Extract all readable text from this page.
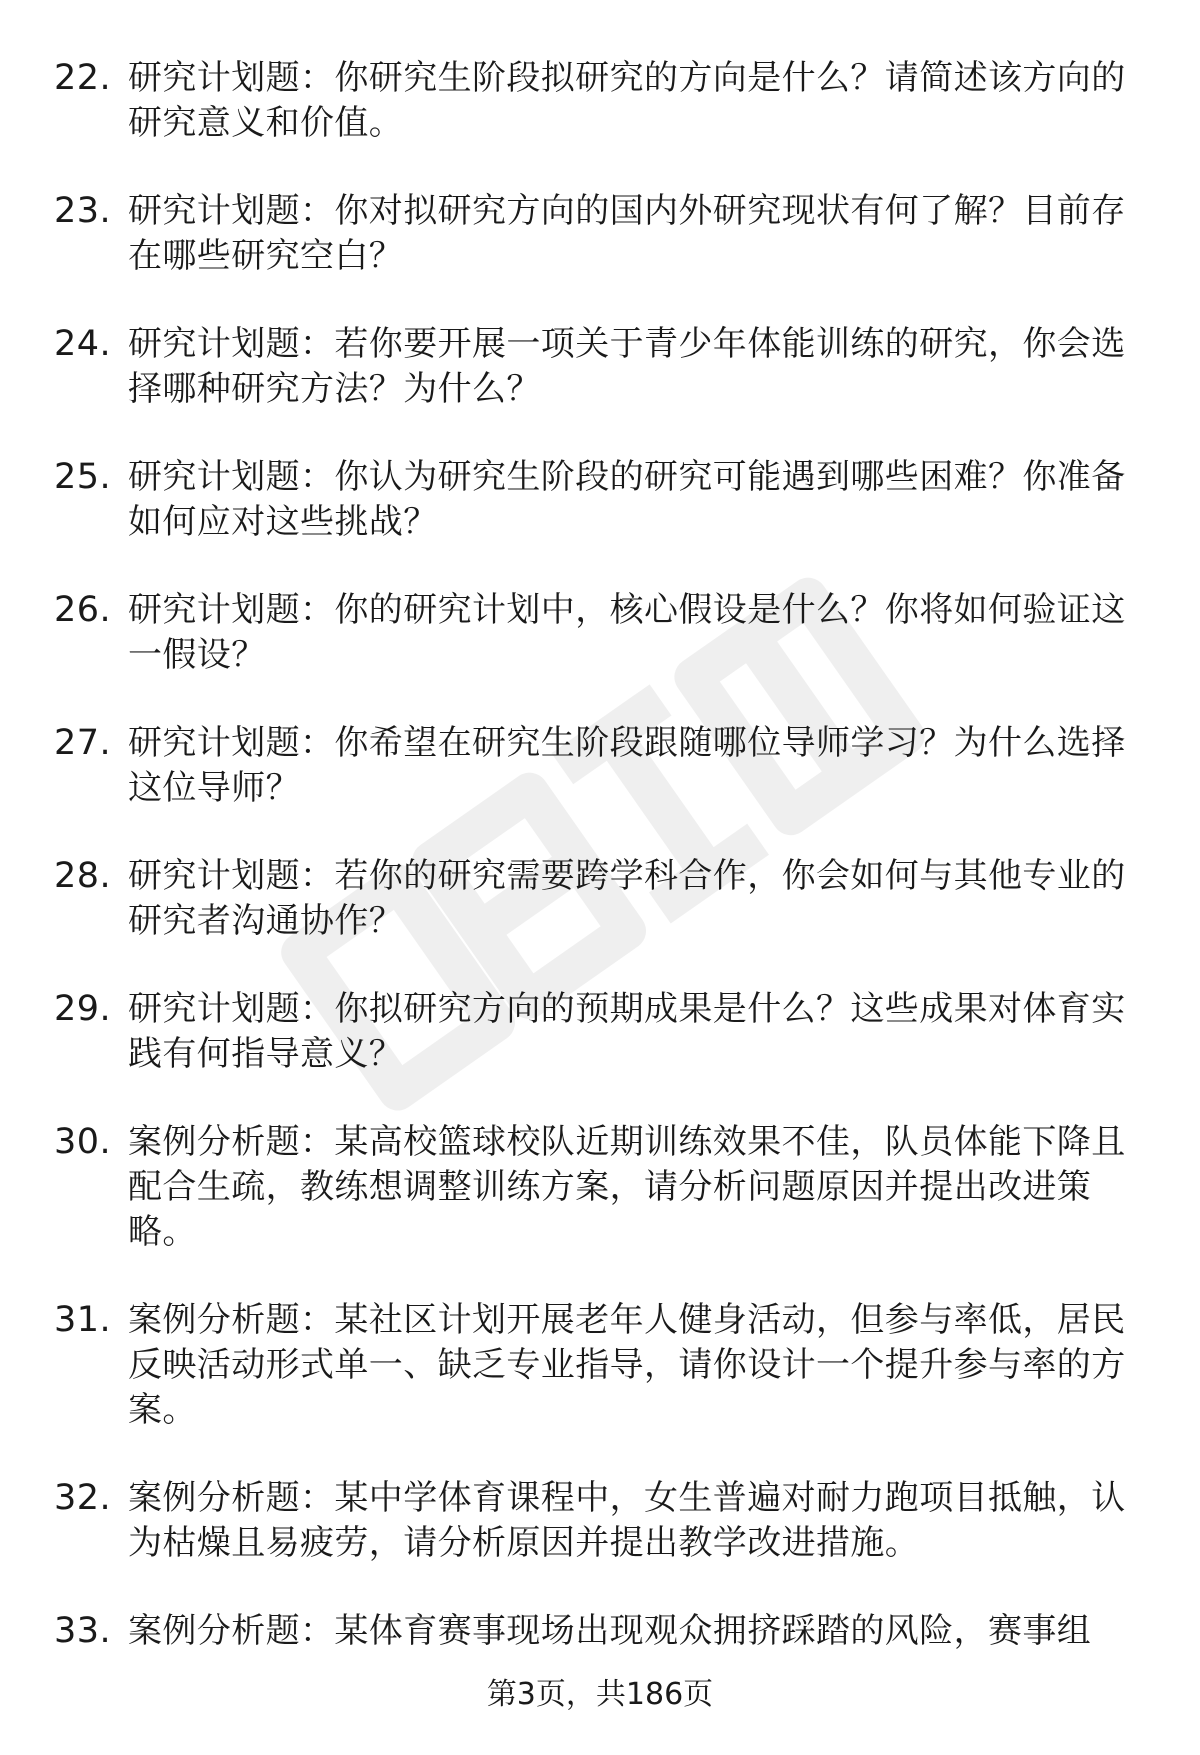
22. 研究计划题：你研究生阶段拟研究的方向是什么？请简述该方向的研究意义和价值。
23. 研究计划题：你对拟研究方向的国内外研究现状有何了解？目前存在哪些研究空白？
24. 研究计划题：若你要开展一项关于青少年体能训练的研究，你会选择哪种研究方法？为什么？
25. 研究计划题：你认为研究生阶段的研究可能遇到哪些困难？你准备如何应对这些挑战？
26. 研究计划题：你的研究计划中，核心假设是什么？你将如何验证这一假设？
27. 研究计划题：你希望在研究生阶段跟随哪位导师学习？为什么选择这位导师？
28. 研究计划题：若你的研究需要跨学科合作，你会如何与其他专业的研究者沟通协作？
29. 研究计划题：你拟研究方向的预期成果是什么？这些成果对体育实践有何指导意义？
30. 案例分析题：某高校篮球校队近期训练效果不佳，队员体能下降且配合生疏，教练想调整训练方案，请分析问题原因并提出改进策略。
31. 案例分析题：某社区计划开展老年人健身活动，但参与率低，居民反映活动形式单一、缺乏专业指导，请你设计一个提升参与率的方案。
32. 案例分析题：某中学体育课程中，女生普遍对耐力跑项目抵触，认为枯燥且易疲劳，请分析原因并提出教学改进措施。
33. 案例分析题：某体育赛事现场出现观众拥挤踩踏的风险，赛事组
第3页，共186页
